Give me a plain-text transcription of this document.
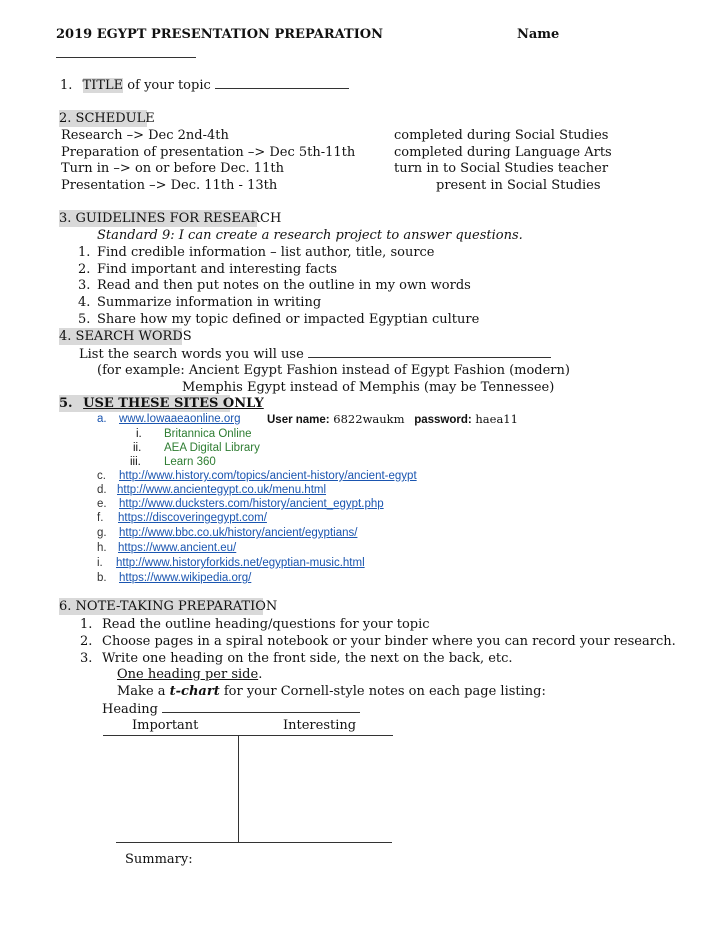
2019 EGYPT PRESENTATION PREPARATION	Name
1. TITLE of your topic
2. SCHEDULE
Research –> Dec 2nd-4th	completed during Social Studies
Preparation of presentation –> Dec 5th-11th	completed during Language Arts
Turn in –> on or before Dec. 11th	turn in to Social Studies teacher
Presentation –> Dec. 11th - 13th	present in Social Studies
3. GUIDELINES FOR RESEARCH
Standard 9: I can create a research project to answer questions.
1. Find credible information – list author, title, source
2. Find important and interesting facts
3. Read and then put notes on the outline in my own words
4. Summarize information in writing
5. Share how my topic defined or impacted Egyptian culture
4. SEARCH WORDS
List the search words you will use
(for example: Ancient Egypt Fashion instead of Egypt Fashion (modern)
Memphis Egypt instead of Memphis (may be Tennessee)
5. USE THESE SITES ONLY
a. www.Iowaaeaonline.org User name: 6822waukm password: haea11
i. Britannica Online
ii. AEA Digital Library
iii. Learn 360
c. http://www.history.com/topics/ancient-history/ancient-egypt
d. http://www.ancientegypt.co.uk/menu.html
e. http://www.ducksters.com/history/ancient_egypt.php
f. https://discoveringegypt.com/
g. http://www.bbc.co.uk/history/ancient/egyptians/
h. https://www.ancient.eu/
i. http://www.historyforkids.net/egyptian-music.html
b. https://www.wikipedia.org/
6. NOTE-TAKING PREPARATION
1. Read the outline heading/questions for your topic
2. Choose pages in a spiral notebook or your binder where you can record your research.
3. Write one heading on the front side, the next on the back, etc.
One heading per side.
Make a t-chart for your Cornell-style notes on each page listing:
Heading
Important	Interesting
Summary:
